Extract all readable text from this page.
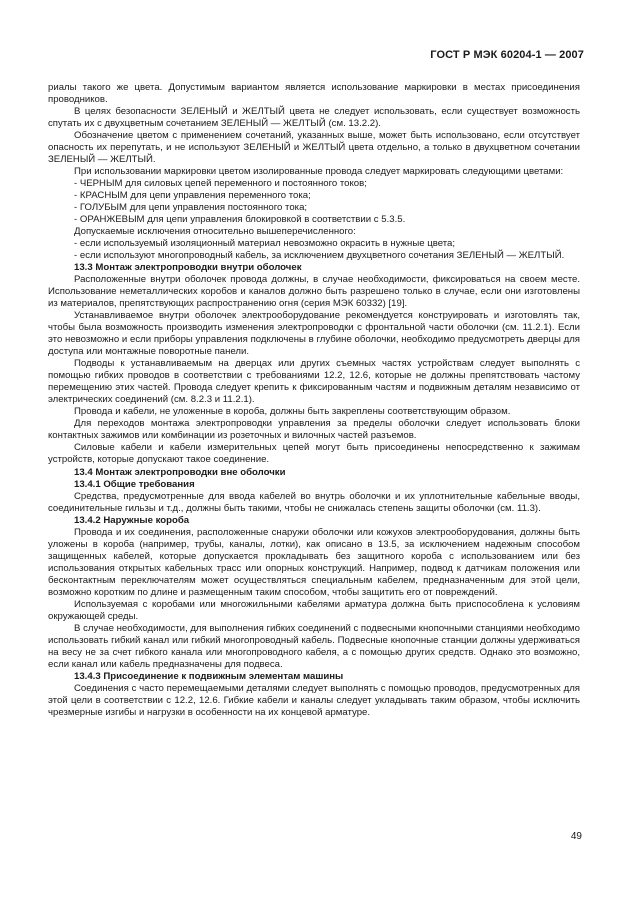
ГОСТ Р МЭК 60204-1 — 2007

риалы такого же цвета. Допустимым вариантом является использование маркировки в местах присоединения проводников.

В целях безопасности ЗЕЛЕНЫЙ и ЖЕЛТЫЙ цвета не следует использовать, если существует возможность спутать их с двухцветным сочетанием ЗЕЛЕНЫЙ — ЖЕЛТЫЙ (см. 13.2.2).

Обозначение цветом с применением сочетаний, указанных выше, может быть использовано, если отсутствует опасность их перепутать, и не используют ЗЕЛЕНЫЙ и ЖЕЛТЫЙ цвета отдельно, а только в двухцветном сочетании ЗЕЛЕНЫЙ — ЖЕЛТЫЙ.

При использовании маркировки цветом изолированные провода следует маркировать следующими цветами:

- ЧЕРНЫМ для силовых цепей переменного и постоянного токов;

- КРАСНЫМ для цепи управления переменного тока;

- ГОЛУБЫМ для цепи управления постоянного тока;

- ОРАНЖЕВЫМ для цепи управления блокировкой в соответствии с 5.3.5.

Допускаемые исключения относительно вышеперечисленного:

- если используемый изоляционный материал невозможно окрасить в нужные цвета;

- если используют многопроводный кабель, за исключением двухцветного сочетания ЗЕЛЕНЫЙ — ЖЕЛТЫЙ.

13.3 Монтаж электропроводки внутри оболочек

Расположенные внутри оболочек провода должны, в случае необходимости, фиксироваться на своем месте. Использование неметаллических коробов и каналов должно быть разрешено только в случае, если они изготовлены из материалов, препятствующих распространению огня (серия МЭК 60332) [19].

Устанавливаемое внутри оболочек электрооборудование рекомендуется конструировать и изготовлять так, чтобы была возможность производить изменения электропроводки с фронтальной части оболочки (см. 11.2.1). Если это невозможно и если приборы управления подключены в глубине оболочки, необходимо предусмотреть дверцы для доступа или монтажные поворотные панели.

Подводы к устанавливаемым на дверцах или других съемных частях устройствам следует выполнять с помощью гибких проводов в соответствии с требованиями 12.2, 12.6, которые не должны препятствовать частому перемещению этих частей. Провода следует крепить к фиксированным частям и подвижным деталям независимо от электрических соединений (см. 8.2.3 и 11.2.1).

Провода и кабели, не уложенные в короба, должны быть закреплены соответствующим образом.

Для переходов монтажа электропроводки управления за пределы оболочки следует использовать блоки контактных зажимов или комбинации из розеточных и вилочных частей разъемов.

Силовые кабели и кабели измерительных цепей могут быть присоединены непосредственно к зажимам устройств, которые допускают такое соединение.

13.4 Монтаж электропроводки вне оболочки
13.4.1 Общие требования

Средства, предусмотренные для ввода кабелей во внутрь оболочки и их уплотнительные кабельные вводы, соединительные гильзы и т.д., должны быть такими, чтобы не снижалась степень защиты оболочки (см. 11.3).

13.4.2 Наружные короба

Провода и их соединения, расположенные снаружи оболочки или кожухов электрооборудования, должны быть уложены в короба (например, трубы, каналы, лотки), как описано в 13.5, за исключением надежным способом защищенных кабелей, которые допускается прокладывать без защитного короба с использованием или без использования открытых кабельных трасс или опорных конструкций. Например, подвод к датчикам положения или бесконтактным переключателям может осуществляться специальным кабелем, предназначенным для этой цели, возможно коротким по длине и размещенным таким способом, чтобы защитить его от повреждений.

Используемая с коробами или многожильными кабелями арматура должна быть приспособлена к условиям окружающей среды.

В случае необходимости, для выполнения гибких соединений с подвесными кнопочными станциями необходимо использовать гибкий канал или гибкий многопроводный кабель. Подвесные кнопочные станции должны удерживаться на весу не за счет гибкого канала или многопроводного кабеля, а с помощью других средств. Однако это возможно, если канал или кабель предназначены для подвеса.

13.4.3 Присоединение к подвижным элементам машины

Соединения с часто перемещаемыми деталями следует выполнять с помощью проводов, предусмотренных для этой цели в соответствии с 12.2, 12.6. Гибкие кабели и каналы следует укладывать таким образом, чтобы исключить чрезмерные изгибы и нагрузки в особенности на их концевой арматуре.

49
